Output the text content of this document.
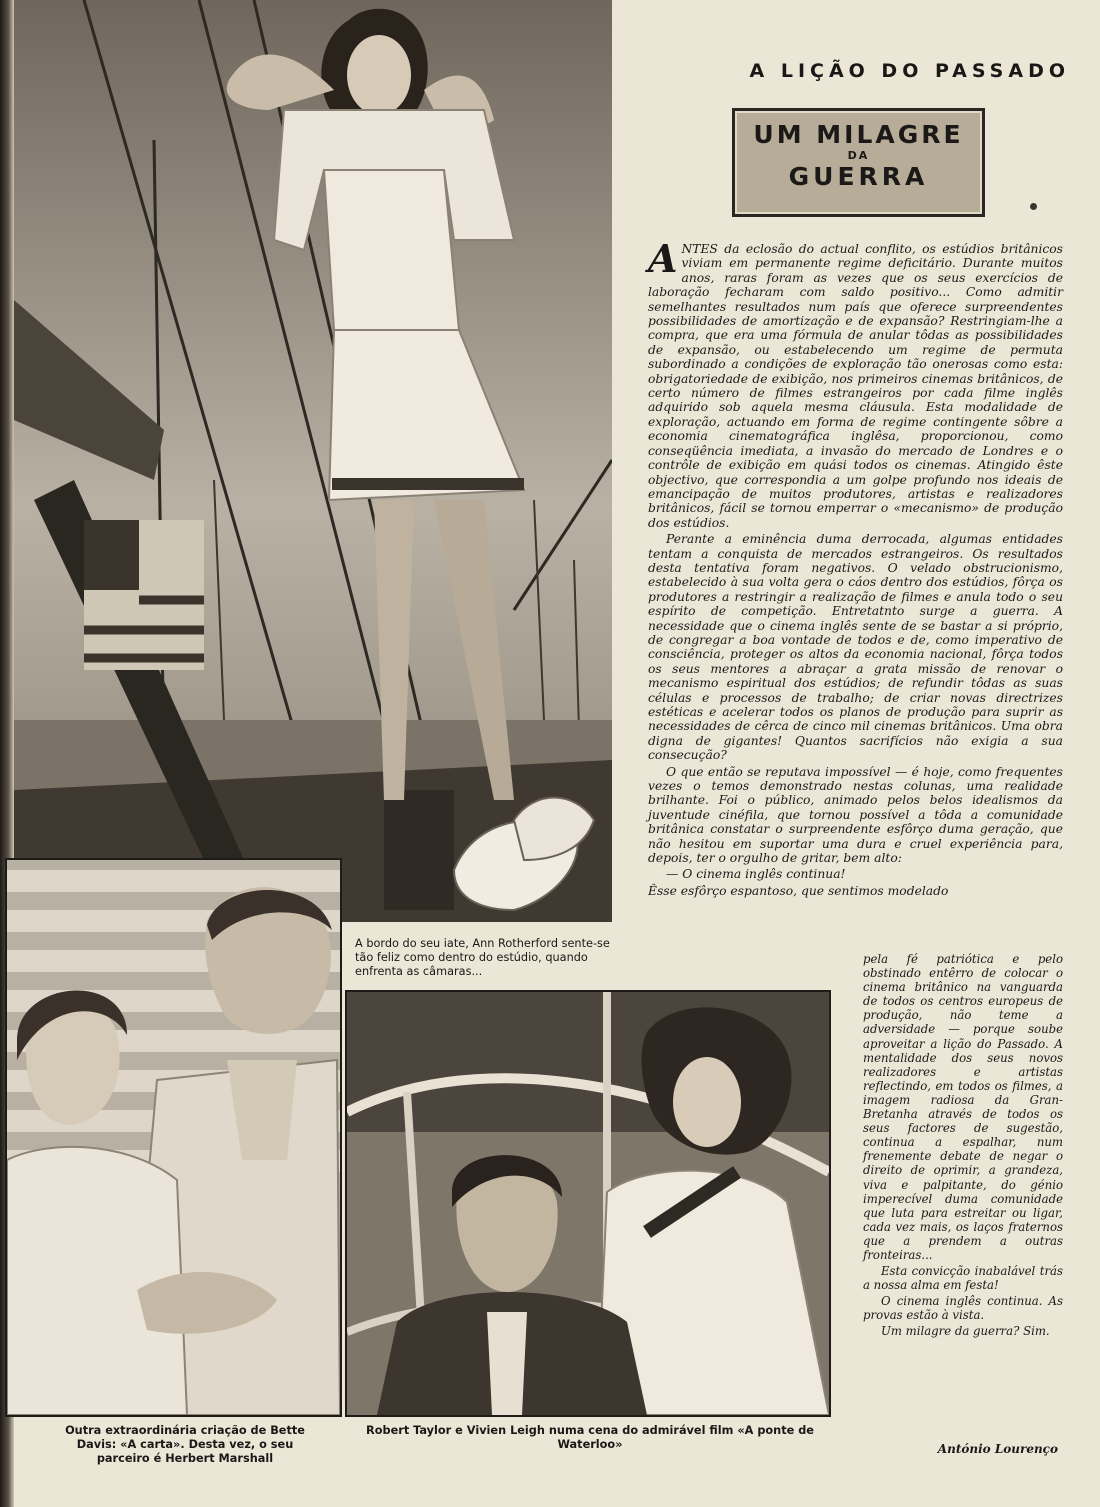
A LIÇÃO DO PASSADO
UM MILAGRE
DA
GUERRA

ANTES da eclosão do actual conflito, os estúdios britânicos viviam em permanente regime deficitário. Durante muitos anos, raras foram as vezes que os seus exercícios de laboração fecharam com saldo positivo... Como admitir semelhantes resultados num país que oferece surpreendentes possibilidades de amortização e de expansão? Restringiam-lhe a compra, que era uma fórmula de anular tôdas as possibilidades de expansão, ou estabelecendo um regime de permuta subordinado a condições de exploração tão onerosas como esta: obrigatoriedade de exibição, nos primeiros cinemas britânicos, de certo número de filmes estrangeiros por cada filme inglês adquirido sob aquela mesma cláusula. Esta modalidade de exploração, actuando em forma de regime contingente sôbre a economia cinematográfica inglêsa, proporcionou, como conseqüência imediata, a invasão do mercado de Londres e o contrôle de exibição em quási todos os cinemas. Atingido êste objectivo, que correspondia a um golpe profundo nos ideais de emancipação de muitos produtores, artistas e realizadores britânicos, fácil se tornou emperrar o «mecanismo» de produção dos estúdios.

Perante a eminência duma derrocada, algumas entidades tentam a conquista de mercados estrangeiros. Os resultados desta tentativa foram negativos. O velado obstrucionismo, estabelecido à sua volta gera o cáos dentro dos estúdios, fôrça os produtores a restringir a realização de filmes e anula todo o seu espírito de competição. Entretatnto surge a guerra. A necessidade que o cinema inglês sente de se bastar a si próprio, de congregar a boa vontade de todos e de, como imperativo de consciência, proteger os altos da economia nacional, fôrça todos os seus mentores a abraçar a grata missão de renovar o mecanismo espiritual dos estúdios; de refundir tôdas as suas células e processos de trabalho; de criar novas directrizes estéticas e acelerar todos os planos de produção para suprir as necessidades de cêrca de cinco mil cinemas britânicos. Uma obra digna de gigantes! Quantos sacrifícios não exigia a sua consecução?

O que então se reputava impossível — é hoje, como frequentes vezes o temos demonstrado nestas colunas, uma realidade brilhante. Foi o público, animado pelos belos idealismos da juventude cinéfila, que tornou possível a tôda a comunidade britânica constatar o surpreendente esfôrço duma geração, que não hesitou em suportar uma dura e cruel experiência para, depois, ter o orgulho de gritar, bem alto:

— O cinema inglês continua!

Êsse esfôrço espantoso, que sentimos modelado

pela fé patriótica e pelo obstinado entêrro de colocar o cinema britânico na vanguarda de todos os centros europeus de produção, não teme a adversidade — porque soube aproveitar a lição do Passado. A mentalidade dos seus novos realizadores e artistas reflectindo, em todos os filmes, a imagem radiosa da Gran-Bretanha através de todos os seus factores de sugestão, continua a espalhar, num frenemente debate de negar o direito de oprimir, a grandeza, viva e palpitante, do génio imperecível duma comunidade que luta para estreitar ou ligar, cada vez mais, os laços fraternos que a prendem a outras fronteiras...

Esta convicção inabalável trás a nossa alma em festa!

O cinema inglês continua. As provas estão à vista.

Um milagre da guerra? Sim.

António Lourenço
A bordo do seu iate, Ann Rotherford sente-se tão feliz como dentro do estúdio, quando enfrenta as câmaras...
Outra extraordinária criação de Bette Davis: «A carta». Desta vez, o seu parceiro é Herbert Marshall
Robert Taylor e Vivien Leigh numa cena do admirável film «A ponte de Waterloo»
